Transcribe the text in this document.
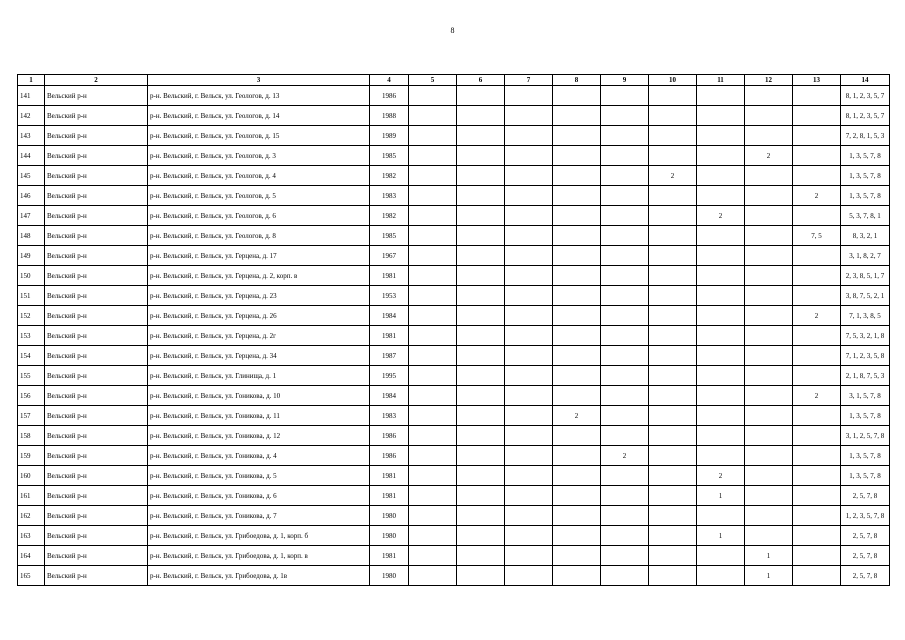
8
1	2	3	4	5	6	7	8	9	10	11	12	13	14
141	Вельский р-н	р-н. Вельский, г. Вельск, ул. Геологов, д. 13	1986										8, 1, 2, 3, 5, 7
142	Вельский р-н	р-н. Вельский, г. Вельск, ул. Геологов, д. 14	1988										8, 1, 2, 3, 5, 7
143	Вельский р-н	р-н. Вельский, г. Вельск, ул. Геологов, д. 15	1989										7, 2, 8, 1, 5, 3
144	Вельский р-н	р-н. Вельский, г. Вельск, ул. Геологов, д. 3	1985								2		1, 3, 5, 7, 8
145	Вельский р-н	р-н. Вельский, г. Вельск, ул. Геологов, д. 4	1982						2				1, 3, 5, 7, 8
146	Вельский р-н	р-н. Вельский, г. Вельск, ул. Геологов, д. 5	1983									2	1, 3, 5, 7, 8
147	Вельский р-н	р-н. Вельский, г. Вельск, ул. Геологов, д. 6	1982							2			5, 3, 7, 8, 1
148	Вельский р-н	р-н. Вельский, г. Вельск, ул. Геологов, д. 8	1985									7, 5	8, 3, 2, 1
149	Вельский р-н	р-н. Вельский, г. Вельск, ул. Герцена, д. 17	1967										3, 1, 8, 2, 7
150	Вельский р-н	р-н. Вельский, г. Вельск, ул. Герцена, д. 2, корп. в	1981										2, 3, 8, 5, 1, 7
151	Вельский р-н	р-н. Вельский, г. Вельск, ул. Герцена, д. 23	1953										3, 8, 7, 5, 2, 1
152	Вельский р-н	р-н. Вельский, г. Вельск, ул. Герцена, д. 26	1984									2	7, 1, 3, 8, 5
153	Вельский р-н	р-н. Вельский, г. Вельск, ул. Герцена, д. 2г	1981										7, 5, 3, 2, 1, 8
154	Вельский р-н	р-н. Вельский, г. Вельск, ул. Герцена, д. 34	1987										7, 1, 2, 3, 5, 8
155	Вельский р-н	р-н. Вельский, г. Вельск, ул. Глинища, д. 1	1995										2, 1, 8, 7, 5, 3
156	Вельский р-н	р-н. Вельский, г. Вельск, ул. Гоникова, д. 10	1984									2	3, 1, 5, 7, 8
157	Вельский р-н	р-н. Вельский, г. Вельск, ул. Гоникова, д. 11	1983				2						1, 3, 5, 7, 8
158	Вельский р-н	р-н. Вельский, г. Вельск, ул. Гоникова, д. 12	1986										3, 1, 2, 5, 7, 8
159	Вельский р-н	р-н. Вельский, г. Вельск, ул. Гоникова, д. 4	1986					2					1, 3, 5, 7, 8
160	Вельский р-н	р-н. Вельский, г. Вельск, ул. Гоникова, д. 5	1981							2			1, 3, 5, 7, 8
161	Вельский р-н	р-н. Вельский, г. Вельск, ул. Гоникова, д. 6	1981							1			2, 5, 7, 8
162	Вельский р-н	р-н. Вельский, г. Вельск, ул. Гоникова, д. 7	1980										1, 2, 3, 5, 7, 8
163	Вельский р-н	р-н. Вельский, г. Вельск, ул. Грибоедова, д. 1, корп. б	1980							1			2, 5, 7, 8
164	Вельский р-н	р-н. Вельский, г. Вельск, ул. Грибоедова, д. 1, корп. в	1981								1		2, 5, 7, 8
165	Вельский р-н	р-н. Вельский, г. Вельск, ул. Грибоедова, д. 1в	1980								1		2, 5, 7, 8
